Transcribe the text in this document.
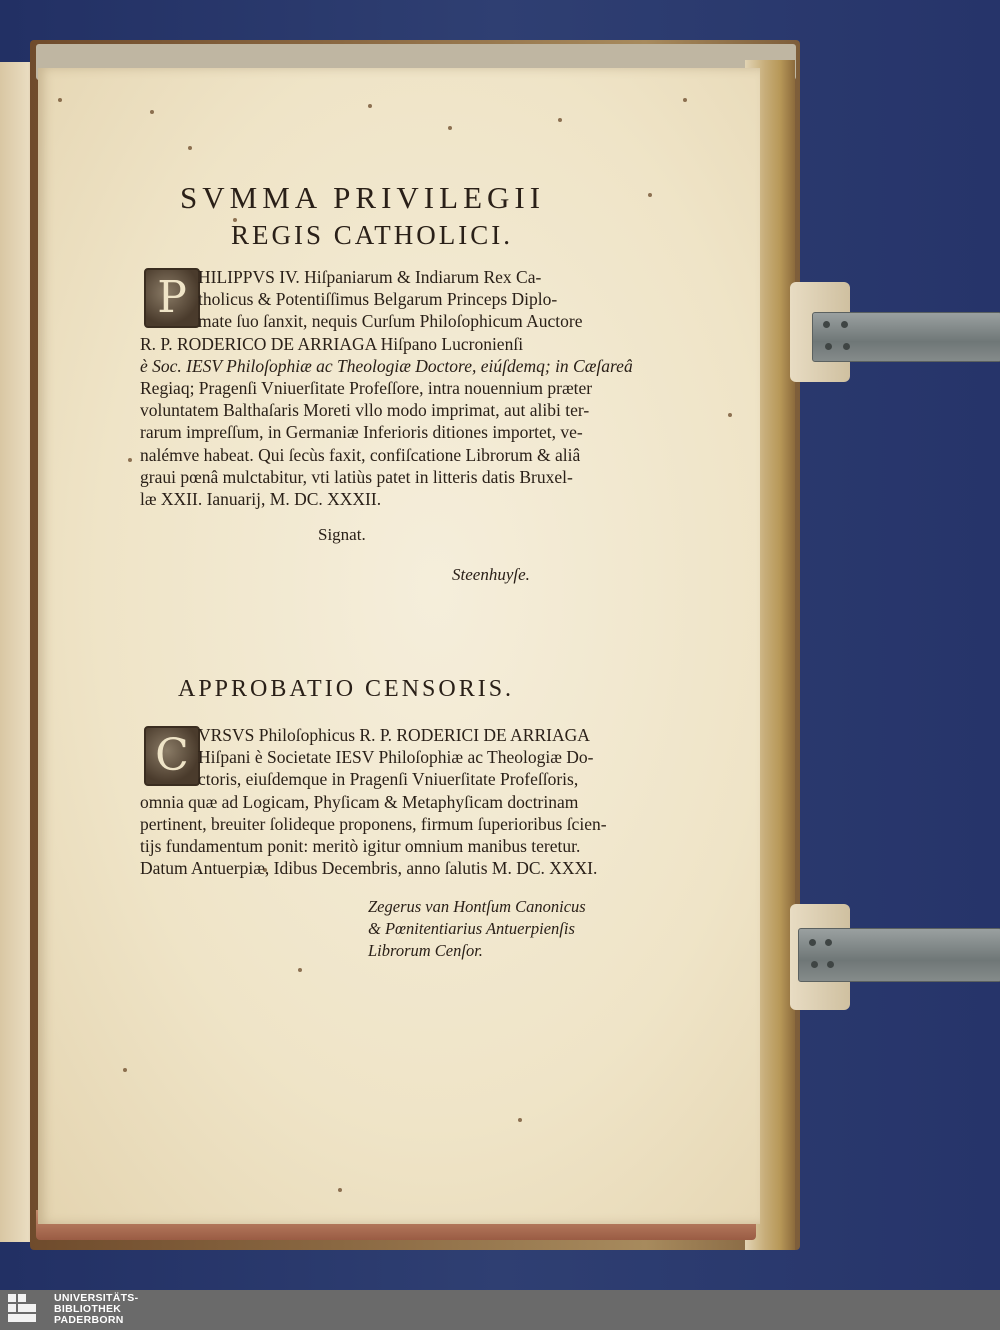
SVMMA PRIVILEGII
REGIS CATHOLICI.
P HILIPPVS IV. Hiſpaniarum & Indiarum Rex Ca-
tholicus & Potentiſſimus Belgarum Princeps Diplo-
mate ſuo ſanxit, nequis Curſum Philoſophicum Auctore
R. P. RODERICO DE ARRIAGA Hiſpano Lucronienſi
è Soc. IESV Philoſophiæ ac Theologiæ Doctore, eiúſdemq; in Cæſareâ
Regiaq; Pragenſi Vniuerſitate Profeſſore, intra nouennium præter
voluntatem Balthaſaris Moreti vllo modo imprimat, aut alibi ter-
rarum impreſſum, in Germaniæ Inferioris ditiones importet, ve-
nalémve habeat. Qui ſecùs faxit, confiſcatione Librorum & aliâ
graui pœnâ mulctabitur, vti latiùs patet in litteris datis Bruxel-
læ XXII. Ianuarij, M. DC. XXXII.
Signat.
Steenhuyſe.
APPROBATIO CENSORIS.
C VRSVS Philoſophicus R. P. RODERICI DE ARRIAGA
Hiſpani è Societate IESV Philoſophiæ ac Theologiæ Do-
ctoris, eiuſdemque in Pragenſi Vniuerſitate Profeſſoris,
omnia quæ ad Logicam, Phyſicam & Metaphyſicam doctrinam
pertinent, breuiter ſolideque proponens, firmum ſuperioribus ſcien-
tijs fundamentum ponit: meritò igitur omnium manibus teretur.
Datum Antuerpiæ, Idibus Decembris, anno ſalutis M. DC. XXXI.
Zegerus van Hontſum Canonicus
& Pœnitentiarius Antuerpienſis
Librorum Cenſor.
UNIVERSITÄTS-
BIBLIOTHEK
PADERBORN
